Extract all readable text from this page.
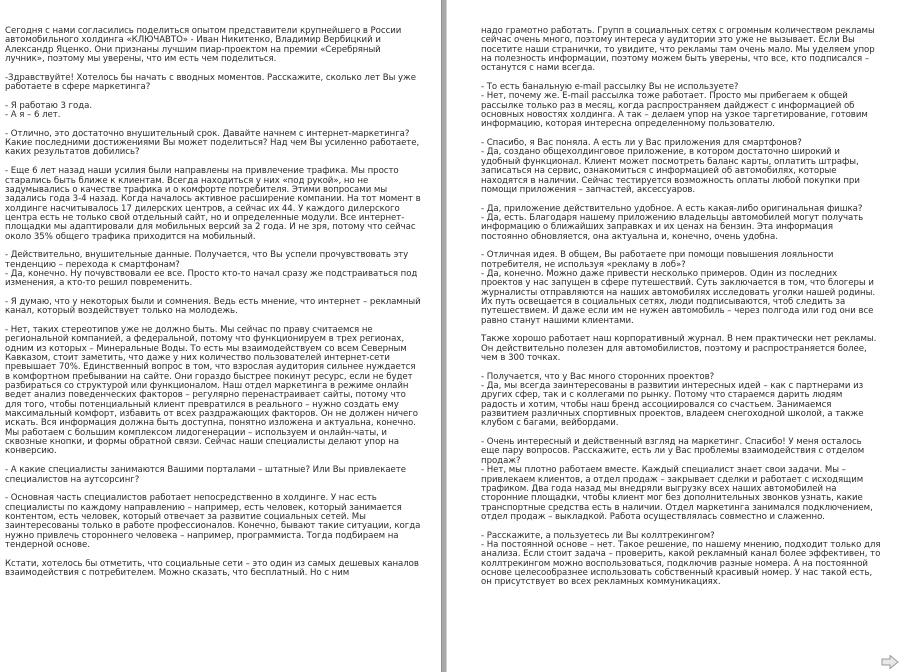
Сегодня с нами согласились поделиться опытом представители крупнейшего в России автомобильного холдинга «КЛЮЧАВТО» - Иван Никитенко, Владимир Вербицкий и Александр Яценко. Они признаны лучшим пиар-проектом на премии «Серебряный лучник», поэтому мы уверены, что им есть чем поделиться.

-Здравствуйте! Хотелось бы начать с вводных моментов. Расскажите, сколько лет Вы уже работаете в сфере маркетинга?

- Я работаю 3 года.
- А я – 6 лет.

- Отлично, это достаточно внушительный срок. Давайте начнем с интернет-маркетинга? Какие последними достижениями Вы может поделиться? Над чем Вы усиленно работаете, каких результатов добились?

- Еще 6 лет назад наши усилия были направлены на привлечение трафика. Мы просто старались быть ближе к клиентам. Всегда находиться у них «под рукой», но не задумывались о качестве трафика и о комфорте потребителя. Этими вопросами мы задались года 3-4 назад. Когда началось активное расширение компании. На тот момент в холдинге насчитывалось 17 дилерских центров, а сейчас их 44. У каждого дилерского центра есть не только свой отдельный сайт, но и определенные модули. Все интернет-площадки мы адаптировали для мобильных версий за 2 года. И не зря, потому что сейчас около 35% общего трафика приходится на мобильный.

- Действительно, внушительные данные. Получается, что Вы успели прочувствовать эту тенденцию – перехода к смартфонам?
- Да, конечно. Ну почувствовали ее все. Просто кто-то начал сразу же подстраиваться под изменения, а кто-то решил повременить.

- Я думаю, что у некоторых были и сомнения. Ведь есть мнение, что интернет – рекламный канал, который воздействует только на молодежь.

- Нет, таких стереотипов уже не должно быть. Мы сейчас по праву считаемся не региональной компанией, а федеральной, потому что функционируем в трех регионах, одним из которых – Минеральные Воды. То есть мы взаимодействуем со всем Северным Кавказом, стоит заметить, что даже у них количество пользователей интернет-сети превышает 70%. Единственный вопрос в том, что взрослая аудитория сильнее нуждается в комфортном пребывании на сайте. Они гораздо быстрее покинут ресурс, если не будет разбираться со структурой или функционалом. Наш отдел маркетинга в режиме онлайн ведет анализ поведенческих факторов – регулярно перенастраивает сайты, потому что для того, чтобы потенциальный клиент превратился в реального – нужно создать ему максимальный комфорт, избавить от всех раздражающих факторов. Он не должен ничего искать. Вся информация должна быть доступна, понятно изложена и актуальна, конечно. Мы работаем с большим комплексом лидогенерации – используем и онлайн-чаты, и сквозные кнопки, и формы обратной связи. Сейчас наши специалисты делают упор на конверсию.

- А какие специалисты занимаются Вашими порталами – штатные? Или Вы привлекаете специалистов на аутсорсинг?

- Основная часть специалистов работает непосредственно в холдинге. У нас есть специалисты по каждому направлению – например, есть человек, который занимается контентом, есть человек, который отвечает за развитие социальных сетей. Мы заинтересованы только в работе профессионалов. Конечно, бывают такие ситуации, когда нужно привлечь стороннего человека – например, программиста. Тогда подбираем на тендерной основе.

Кстати, хотелось бы отметить, что социальные сети – это один из самых дешевых каналов взаимодействия с потребителем. Можно сказать, что бесплатный. Но с ним

надо грамотно работать. Групп в социальных сетях с огромным количеством рекламы сейчас очень много, поэтому интереса у аудитории это уже не вызывает. Если Вы посетите наши странички, то увидите, что рекламы там очень мало. Мы уделяем упор на полезность информации, поэтому можем быть уверены, что все, кто подписался – останутся с нами всегда.

- То есть банальную e-mail рассылку Вы не используете?
- Нет, почему же. E-mail рассылка тоже работает. Просто мы прибегаем к общей рассылке только раз в месяц, когда распространяем дайджест с информацией об основных новостях холдинга. А так – делаем упор на узкое таргетирование, готовим информацию, которая интересна определенному пользователю.

- Спасибо, я Вас поняла. А есть ли у Вас приложения для смартфонов?
- Да, создано общехолдинговое приложение, в котором достаточно широкий и удобный функционал. Клиент может посмотреть баланс карты, оплатить штрафы, записаться на сервис, ознакомиться с информацией об автомобилях, которые находятся в наличии. Сейчас тестируется возможность оплаты любой покупки при помощи приложения – запчастей, аксессуаров.

- Да, приложение действительно удобное. А есть какая-либо оригинальная фишка?
- Да, есть. Благодаря нашему приложению владельцы автомобилей могут получать информацию о ближайших заправках и их ценах на бензин. Эта информация постоянно обновляется, она актуальна и, конечно, очень удобна.

- Отличная идея. В общем, Вы работаете при помощи повышения лояльности потребителя, не используя «рекламу в лоб»?
- Да, конечно. Можно даже привести несколько примеров. Один из последних проектов у нас запущен в сфере путешествий. Суть заключается в том, что блогеры и журналисты отправляются на наших автомобилях исследовать уголки нашей родины. Их путь освещается в социальных сетях, люди подписываются, чтоб следить за путешествием. И даже если им не нужен автомобиль – через полгода или год они все равно станут нашими клиентами.

Также хорошо работает наш корпоративный журнал. В нем практически нет рекламы. Он действительно полезен для автомобилистов, поэтому и распространяется более, чем в 300 точках.

- Получается, что у Вас много сторонних проектов?
- Да, мы всегда заинтересованы в развитии интересных идей – как с партнерами из других сфер, так и с коллегами по рынку. Потому что стараемся дарить людям радость и хотим, чтобы наш бренд ассоциировался со счастьем. Занимаемся развитием различных спортивных проектов, владеем снегоходной школой, а также клубом с багами, вейбордами.

- Очень интересный и действенный взгляд на маркетинг. Спасибо! У меня осталось еще пару вопросов. Расскажите, есть ли у Вас проблемы взаимодействия с отделом продаж?
- Нет, мы плотно работаем вместе. Каждый специалист знает свои задачи. Мы – привлекаем клиентов, а отдел продаж – закрывает сделки и работает с исходящим трафиком. Два года назад мы внедряли выгрузку всех наших автомобилей на сторонние площадки, чтобы клиент мог без дополнительных звонков узнать, какие транспортные средства есть в наличии. Отдел маркетинга занимался подключением, отдел продаж – выкладкой. Работа осуществлялась совместно и слаженно.

- Расскажите, а пользуетесь ли Вы коллтрекингом?
- На постоянной основе – нет. Такое решение, по нашему мнению, подходит только для анализа. Если стоит задача – проверить, какой рекламный канал более эффективен, то коллтрекингом можно воспользоваться, подключив разные номера. А на постоянной основе целесообразнее использовать собственный красивый номер. У нас такой есть, он присутствует во всех рекламных коммуникациях.
